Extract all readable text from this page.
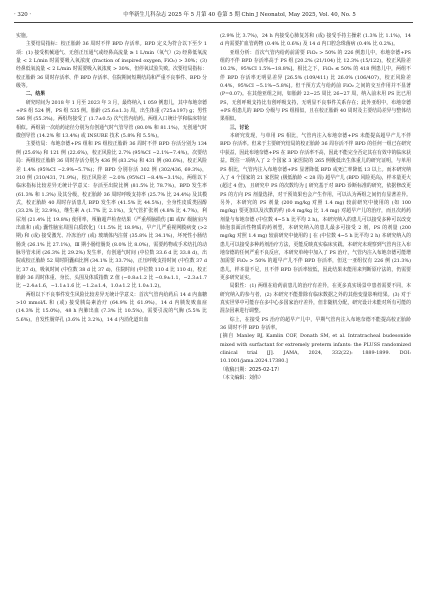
· 320 ·	中华新生儿科杂志 2025 年 5 月第 40 卷第 5 期 Chin J Neonatol, May 2025, Vol. 40, No. 5

实施。

主要结局指标：校正胎龄 36 周时不伴 BPD 存活率。BPD 定义为符合以下至少 1 项：(1) 接受机械通气、无创正压通气或经鼻高流量 ≥ 1 L/min（氧气）(2) 经鼻低氧流量 < 2 L/min 时需要吸入氧浓度 (fraction of inspired oxygen, FiO₂) > 30%；(3) 经鼻低氧流量 < 2 L/min 时需要吸入氧浓度 > 30%，但停氧试验失败。次要结局指标：校正胎龄 36 周时存活率、伴 BPD 存活率、住院期间短期结局和严重不良事件、BPD 分级等。

二、结果

研究时间为 2018 年 1 月至 2023 年 3 月，最终纳入 1 059 例患儿，其中布地奈德+PS 组 524 例，PS 组 535 例。胎龄 (25.6±1.3) 周，出生体重 (725±197) g；男性 586 例 (55.3%)。两组均接受了 (1.7±0.5) 次气管内给药。两组入口统计学和临床特征相似。两组第一次给药途径分别为有创通气时气管导管 (80.0% 和 81.1%)，无创通气时微创导管 (14.2% 和 13.4%) 或 INSURE 技术 (5.8% 和 5.5%)。

主要结局：布地奈德+PS 组和 PS 组校正胎龄 36 周时不伴 BPD 存活分别为 134 例 (25.6%) 和 121 例 (22.6%)，校正风险比 2.7% (95%CI −2.1%~7.4%)。次要结局：两组校正胎龄 36 周时存活分别为 436 例 (83.2%) 和 431 例 (80.6%)，校正风险差 1.4% (95%CI −2.9%~5.7%)；伴 BPD 分别存活 302 例 (302/436, 69.3%)，310 例 (310/431, 71.9%)，校正风险差 −2.0% (95%CI −8.4%~3.1%)。两组以下临床指标比较差异无统计学意义：存活至出院比例 (81.5% 比 78.7%)，BPD 发生率 (61.3% 和 1.3%) 及其分级，校正胎龄 36 周时呼吸支持率 (25.7% 比 24.4%) 及其模式，校正胎龄 40 周时存活患儿 BPD 发生率 (41.5% 比 44.5%)，全身性皮质类固醇 (33.2% 比 32.9%)，继生素 A (1.7% 比 2.1%)，支气管扩张剂 (4.8% 比 4.7%)，利尿剂 (21.4% 比 19.8%) 使用率，颅脑超声检查结果（严重颅脑损伤 [Ⅲ 或Ⅳ 级脑室内出血和 (或) 囊性脑室周围白质软化]（11.5% 比 18.9%)，早产儿严重视网膜病变 (>2 期) 和 (或) 接受激光、冷冻治疗 (或) 玻璃体内注射 (35.8% 比 34.1%)，坏死性小肠结肠炎 (26.1% 比 27.1%)，Ⅲ 期小肠结肠炎 (8.0% 比 8.0%)，需要药物或手术结扎的动脉导管未闭 (26.3% 比 29.2%) 发生率，有创通气时间 (中位数 33.6 d 比 33.8 d)，出院或校正胎龄 52 周时阴囊疝比例 (34.1% 比 33.7%)，正压呼吸支持时间 (中位数 37 d 比 37 d)，吸氧时间 (中位数 38 d 比 37 d)，住院时间 (中位数 110 d 比 110 d)，校正胎龄 36 周时体重、身长、头围及体质指数 Z 值 (−0.8±1.2 比 −0.9±1.1，−2.3±1.7 比 −2.4±1.6，−1.1±1.6 比 −1.2±1.4，1.0±1.2 比 1.0±1.2)。

两组以下不良事件发生风险比较差异无统计学意义：首次气管内给药后 14 d 内血糖 >10 mmol/L 和 (或) 接受胰岛素治疗 (64.9% 比 61.9%)，14 d 内胰发败血症 (14.3% 比 15.0%)，48 h 内肺出血 (7.3% 比 10.5%)，需要引流的气胸 (5.5% 比 5.6%)，自发性肠穿孔 (3.6% 比 3.2%)，14 d 内消化道出血

(2.9% 比 3.7%)，24 h 内接受心肺复苏和 (或) 接受手持主操索 (1.3% 比 1.1%)，14 d 内需要扩血管药物 (0.4% 比 0.6%) 及 14 d 内口腔念珠菌病 (0.4% 比 0.2%)。

亚组分析：首次气管内给药前需要 FiO₂ > 50% 的 226 例患儿中，布地奈德+PS 组的不伴 BPD 存活率高于 PS 组 [20.2% (21/104) 比 12.3% (15/122)，校正风险差 10.2%，95%CI 1.5%~18.8%]。相比之下，FiO₂ ≤ 50% 的 418 例患儿中，两组不伴 BPD 存活率无明显差异 [26.5% (109/411) 比 26.0% (106/407)，校正风险差 0.4%，95%CI −5.1%~5.8%]。但干预方式与给药前 FiO₂ 之间的交互作用并不显著 (P=0.07)。在其他亚组之间，如胎龄 22~25 周比 26~27 周，纳入前未用 PS 比已用 PS，无创呼吸支持比有创呼吸支持，无明显不良事件关系存在；此外亚组中，布地奈德+PS 组患儿的 BPD 分级与 PS 组相似，且在校正胎龄 40 周时及主要结局差异与整体结果相似。

三、讨论

本研究发现，与单用 PS 相比，气管内注入布地奈德+PS 未能提高超早产儿不伴 BPD 存活率。但来于主要研究结局的校正胎龄 36 周存活不伴 BPD 的任何一组已在研究中获益，因此布地奈德+PS 在 BPD 存活率不高，因此不能完全否定其在有效中的临床获益。既往一项纳入了 2 个国家 3 家医院的 265 例极低出生体重儿的研究证明，与单用 PS 相比，气管内注入布地奈德+PS 显著降低 BPD 或死亡率降低 13 以上。而本研究纳入了 4 个国家的 21 家医院 (极低胎龄 < 28 周) 超早产儿 (BPD 风险更高)，样本量更大 (超过 4 倍)，且研究中 PS 的次数均为 [ 研究基于对 BPD 诊断标准的研究，依据修改更 PS 的方向 PS 剂量选择，对干预效果也会产生作用，可以认为两组之间仍有显著差异。另外，本研究的 PS 剂量 (200 mg/kg 对照 1.4 mg) 较前研究中使用的 (如 100 mg/kg) 要更加以及次数的约 (0.4 mg/kg 比 1.4 mg) 对超早产儿的治疗，而且次药药剂量与布地奈德 (中位数 4~5 h 比平均 2 h)。本研究纳入的患儿可以接受多种可以改变肺泡表面活性物质的药剂型，本研究纳入的患儿最多可接受 2 剂，PS 的剂量 (200 mg/kg 对照 1.4 mg) 较前研究中使用的 [ 在 (中位数 4~5 h 比平均 2 h) 本研究纳入的患儿可以接受多种药剂治疗方法，更能反映真实临床实践。本研究未观察到气管内注入布地奈德的任何严重不良反应，本研究单纯中加入了 PS 治疗，气管内注入布地奈德可能增加需要 FiO₂ > 50% 的超早产儿不伴 BPD 存活率，但这一亚组仅有 226 例 (21.3%) 患儿，样本量不足，且不伴 BPD 存活率较低，因此结果未能用来判断原疗法的，仍需要更多研究证实。

局限性：(1) 两组在给药前患儿的治疗有差异，在更多真实场景中患者需要不同，本研究纳入的参与者，(2) 本研究不能排除有临床数据之外的其他变量影响结果。(3) 对于真实世界中可能存在多中心多国家治疗差异，但非随机分配，研究设计未能对所有可能的混杂因素进行调整。

综上，在接受 PS 治疗的超早产儿中，早期气管内注入布地奈德不能提高校正胎龄 36 周时不伴 BPD 存活率。

[摘自 Manley BJ, Kamlin COF, Donath SM, et al. Intratracheal budesonide mixed with surfactant for extremely preterm infants: the PLUSS randomized clinical trial [J]. JAMA, 2024, 332(22): 1889-1899. DOI: 10.1001/jama.2024.17380.]

（收稿日期：2025-02-17）

（本文编辑：刘伟）
